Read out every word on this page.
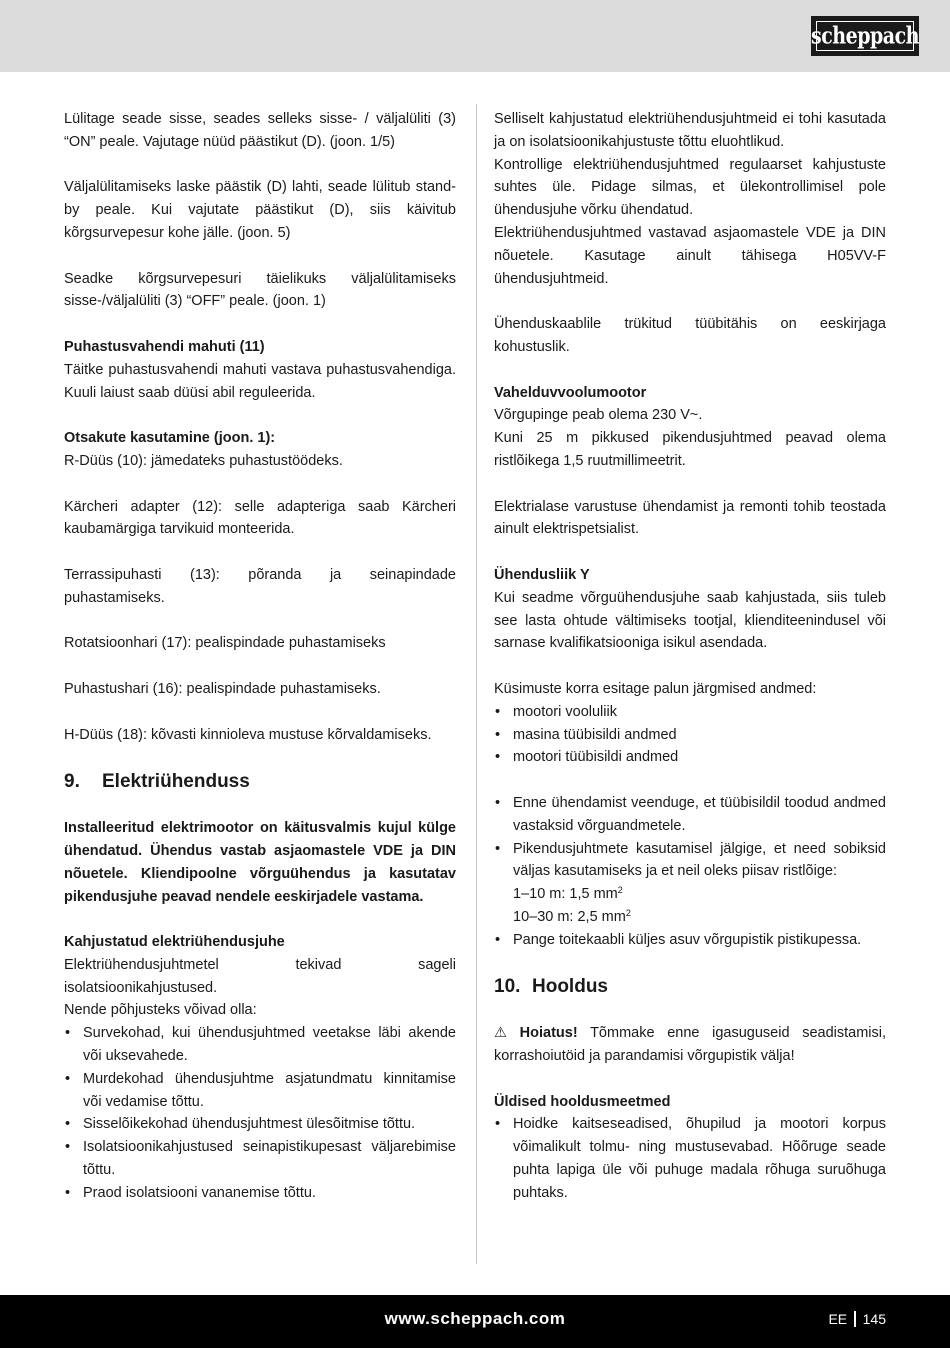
scheppach

Lülitage seade sisse, seades selleks sisse- / väljalüliti (3) “ON” peale. Vajutage nüüd päästikut (D). (joon. 1/5)

Väljalülitamiseks laske päästik (D) lahti, seade lülitub stand-by peale. Kui vajutate päästikut (D), siis käivitub kõrgsurvepesur kohe jälle. (joon. 5)

Seadke kõrgsurvepesuri täielikuks väljalülitamiseks sisse-/väljalüliti (3) “OFF” peale. (joon. 1)

Puhastusvahendi mahuti (11)

Täitke puhastusvahendi mahuti vastava puhastusvahendiga. Kuuli laiust saab düüsi abil reguleerida.

Otsakute kasutamine (joon. 1):

R-Düüs (10): jämedateks puhastustöödeks.

Kärcheri adapter (12): selle adapteriga saab Kärcheri kaubamärgiga tarvikuid monteerida.

Terrassipuhasti (13): põranda ja seinapindade puhastamiseks.

Rotatsioonhari (17): pealispindade puhastamiseks

Puhastushari (16): pealispindade puhastamiseks.

H-Düüs (18): kõvasti kinnioleva mustuse kõrvaldamiseks.

9. Elektriühenduss

Installeeritud elektrimootor on käitusvalmis kujul külge ühendatud. Ühendus vastab asjaomastele VDE ja DIN nõuetele. Kliendipoolne võrguühendus ja kasutatav pikendusjuhe peavad nendele eeskirjadele vastama.

Kahjustatud elektriühendusjuhe

Elektriühendusjuhtmetel tekivad sageli isolatsioonikahjustused.

Nende põhjusteks võivad olla:

• Survekohad, kui ühendusjuhtmed veetakse läbi akende või uksevahede.
• Murdekohad ühendusjuhtme asjatundmatu kinnitamise või vedamise tõttu.
• Sisselõikekohad ühendusjuhtmest ülesõitmise tõttu.
• Isolatsioonikahjustused seinapistikupesast väljarebimise tõttu.
• Praod isolatsiooni vananemise tõttu.

Selliselt kahjustatud elektriühendusjuhtmeid ei tohi kasutada ja on isolatsioonikahjustuste tõttu eluohtlikud.

Kontrollige elektriühendusjuhtmed regulaarset kahjustuste suhtes üle. Pidage silmas, et ülekontrollimisel pole ühendusjuhe võrku ühendatud.

Elektriühendusjuhtmed vastavad asjaomastele VDE ja DIN nõuetele. Kasutage ainult tähisega H05VV-F ühendusjuhtmeid.

Ühenduskaablile trükitud tüübitähis on eeskirjaga kohustuslik.

Vahelduvvoolumootor

Võrgupinge peab olema 230 V~.

Kuni 25 m pikkused pikendusjuhtmed peavad olema ristlõikega 1,5 ruutmillimeetrit.

Elektrialase varustuse ühendamist ja remonti tohib teostada ainult elektrispetsialist.

Ühendusliik Y

Kui seadme võrguühendusjuhe saab kahjustada, siis tuleb see lasta ohtude vältimiseks tootjal, klienditeenindusel või sarnase kvalifikatsiooniga isikul asendada.

Küsimuste korra esitage palun järgmised andmed:

• mootori vooluliik
• masina tüübisildi andmed
• mootori tüübisildi andmed
• Enne ühendamist veenduge, et tüübisildil toodud andmed vastaksid võrguandmetele.
• Pikendusjuhtmete kasutamisel jälgige, et need sobiksid väljas kasutamiseks ja et neil oleks piisav ristlõige:
1–10 m: 1,5 $mm^2$
10–30 m: 2,5 $mm^2$
• Pange toitekaabli küljes asuv võrgupistik pistikupessa.
10. Hooldus

⚠ Hoiatus! Tõmmake enne igasuguseid seadistamisi, korrashoiutöid ja parandamisi võrgupistik välja!

Üldised hooldusmeetmed

• Hoidke kaitseseadised, õhupilud ja mootori korpus võimalikult tolmu- ning mustusevabad. Hõõruge seade puhta lapiga üle või puhuge madala rõhuga suruõhuga puhtaks.
www.scheppach.com	EE 145
